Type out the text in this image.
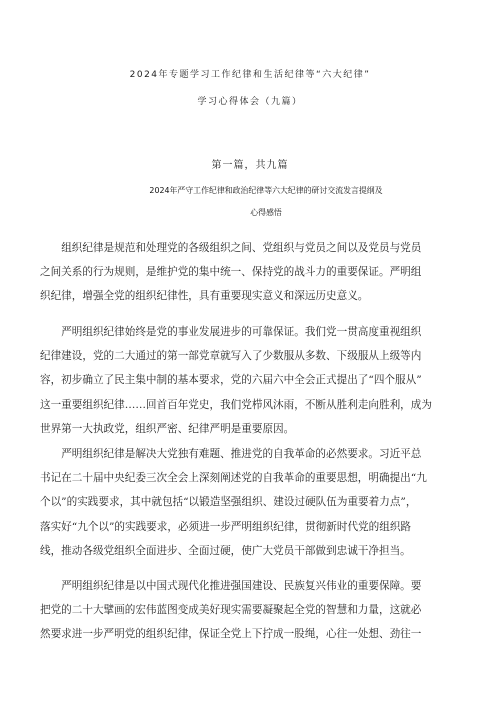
2024年专题学习工作纪律和生活纪律等“六大纪律”
学习心得体会（九篇）
第一篇，共九篇
2024年严守工作纪律和政治纪律等六大纪律的研讨交流发言提纲及
心得感悟
组织纪律是规范和处理党的各级组织之间、党组织与党员之间以及党员与党员
之间关系的行为规则，是维护党的集中统一、保持党的战斗力的重要保证。严明组
织纪律，增强全党的组织纪律性，具有重要现实意义和深远历史意义。
严明组织纪律始终是党的事业发展进步的可靠保证。我们党一贯高度重视组织
纪律建设，党的二大通过的第一部党章就写入了少数服从多数、下级服从上级等内
容，初步确立了民主集中制的基本要求，党的六届六中全会正式提出了“四个服从”
这一重要组织纪律……回首百年党史，我们党栉风沐雨，不断从胜利走向胜利，成为
世界第一大执政党，组织严密、纪律严明是重要原因。
严明组织纪律是解决大党独有难题、推进党的自我革命的必然要求。习近平总
书记在二十届中央纪委三次全会上深刻阐述党的自我革命的重要思想，明确提出“九
个以”的实践要求，其中就包括“以锻造坚强组织、建设过硬队伍为重要着力点”，
落实好“九个以”的实践要求，必须进一步严明组织纪律，贯彻新时代党的组织路
线，推动各级党组织全面进步、全面过硬，使广大党员干部做到忠诚干净担当。
严明组织纪律是以中国式现代化推进强国建设、民族复兴伟业的重要保障。要
把党的二十大擘画的宏伟蓝图变成美好现实需要凝聚起全党的智慧和力量，这就必
然要求进一步严明党的组织纪律，保证全党上下拧成一股绳，心往一处想、劲往一
